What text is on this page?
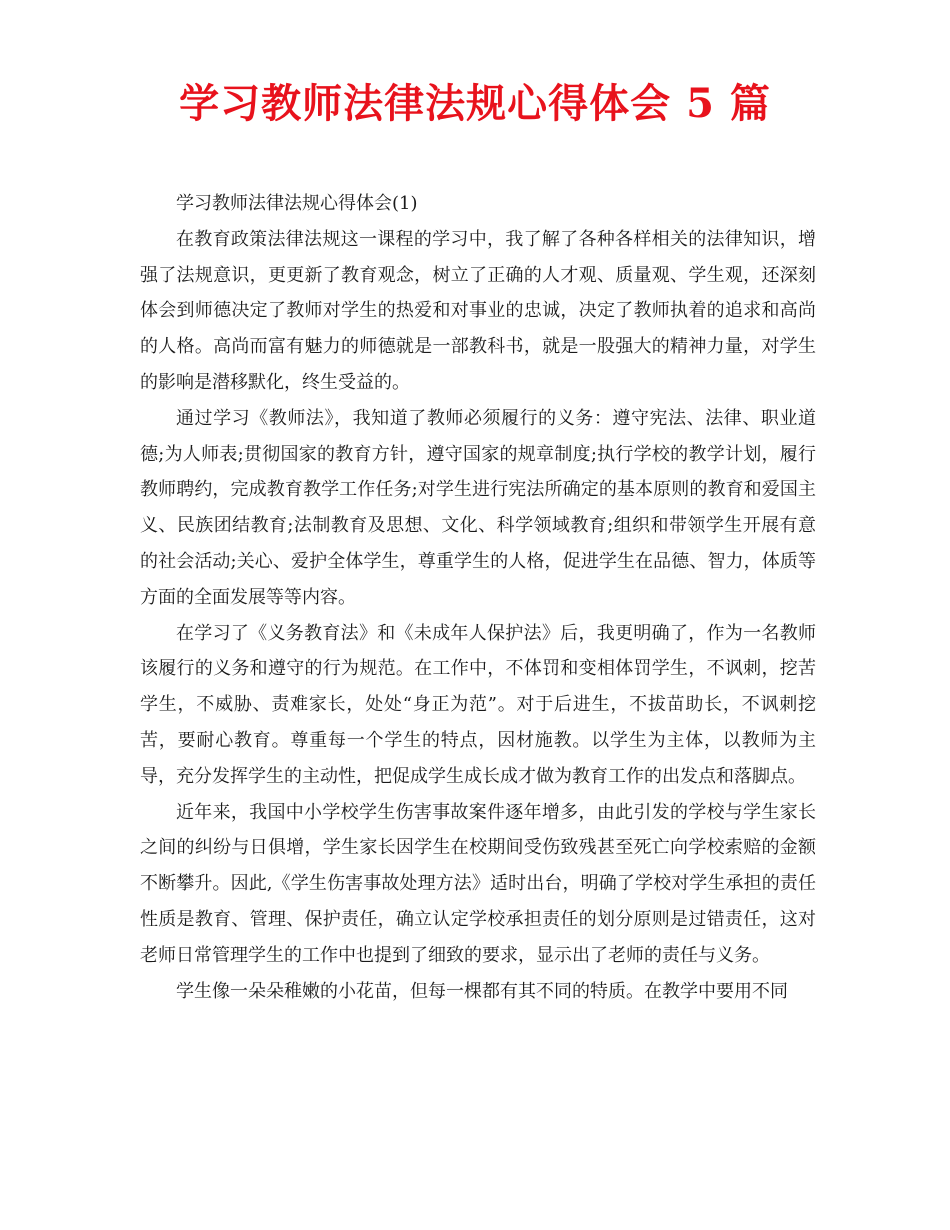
学习教师法律法规心得体会 5 篇

学习教师法律法规心得体会(1)

在教育政策法律法规这一课程的学习中，我了解了各种各样相关的法律知识，增强了法规意识，更更新了教育观念，树立了正确的人才观、质量观、学生观，还深刻体会到师德决定了教师对学生的热爱和对事业的忠诚，决定了教师执着的追求和高尚的人格。高尚而富有魅力的师德就是一部教科书，就是一股强大的精神力量，对学生的影响是潜移默化，终生受益的。

通过学习《教师法》，我知道了教师必须履行的义务：遵守宪法、法律、职业道德;为人师表;贯彻国家的教育方针，遵守国家的规章制度;执行学校的教学计划，履行教师聘约，完成教育教学工作任务;对学生进行宪法所确定的基本原则的教育和爱国主义、民族团结教育;法制教育及思想、文化、科学领域教育;组织和带领学生开展有意的社会活动;关心、爱护全体学生，尊重学生的人格，促进学生在品德、智力，体质等方面的全面发展等等内容。

在学习了《义务教育法》和《未成年人保护法》后，我更明确了，作为一名教师该履行的义务和遵守的行为规范。在工作中，不体罚和变相体罚学生，不讽刺，挖苦学生，不威胁、责难家长，处处“身正为范”。对于后进生，不拔苗助长，不讽刺挖苦，要耐心教育。尊重每一个学生的特点，因材施教。以学生为主体，以教师为主导，充分发挥学生的主动性，把促成学生成长成才做为教育工作的出发点和落脚点。

近年来，我国中小学校学生伤害事故案件逐年增多，由此引发的学校与学生家长之间的纠纷与日俱增，学生家长因学生在校期间受伤致残甚至死亡向学校索赔的金额不断攀升。因此,《学生伤害事故处理方法》适时出台，明确了学校对学生承担的责任性质是教育、管理、保护责任，确立认定学校承担责任的划分原则是过错责任，这对老师日常管理学生的工作中也提到了细致的要求，显示出了老师的责任与义务。

学生像一朵朵稚嫩的小花苗，但每一棵都有其不同的特质。在教学中要用不同
